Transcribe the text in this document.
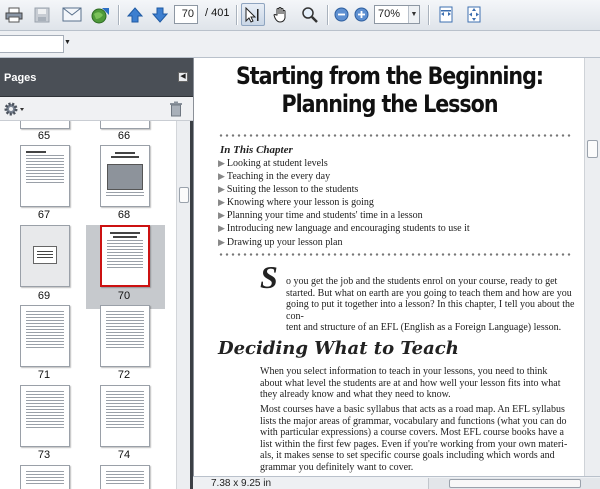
70	/ 401	70%	▼
▼
Pages	◀
65	66
67	68
69	70
71	72
73	74
Starting from the Beginning:
Planning the Lesson
In This Chapter
▶ Looking at student levels
▶ Teaching in the every day
▶ Suiting the lesson to the students
▶ Knowing where your lesson is going
▶ Planning your time and students' time in a lesson
▶ Introducing new language and encouraging students to use it
▶ Drawing up your lesson plan
S o you get the job and the students enrol on your course, ready to get
started. But what on earth are you going to teach them and how are you
going to put it together into a lesson? In this chapter, I tell you about the con-
tent and structure of an EFL (English as a Foreign Language) lesson.
Deciding What to Teach
When you select information to teach in your lessons, you need to think
about what level the students are at and how well your lesson fits into what
they already know and what they need to know.
Most courses have a basic syllabus that acts as a road map. An EFL syllabus
lists the major areas of grammar, vocabulary and functions (what you can do
with particular expressions) a course covers. Most EFL course books have a
list within the first few pages. Even if you're working from your own materi-
als, it makes sense to set specific course goals including which words and
grammar you definitely want to cover.
7.38 x 9.25 in
